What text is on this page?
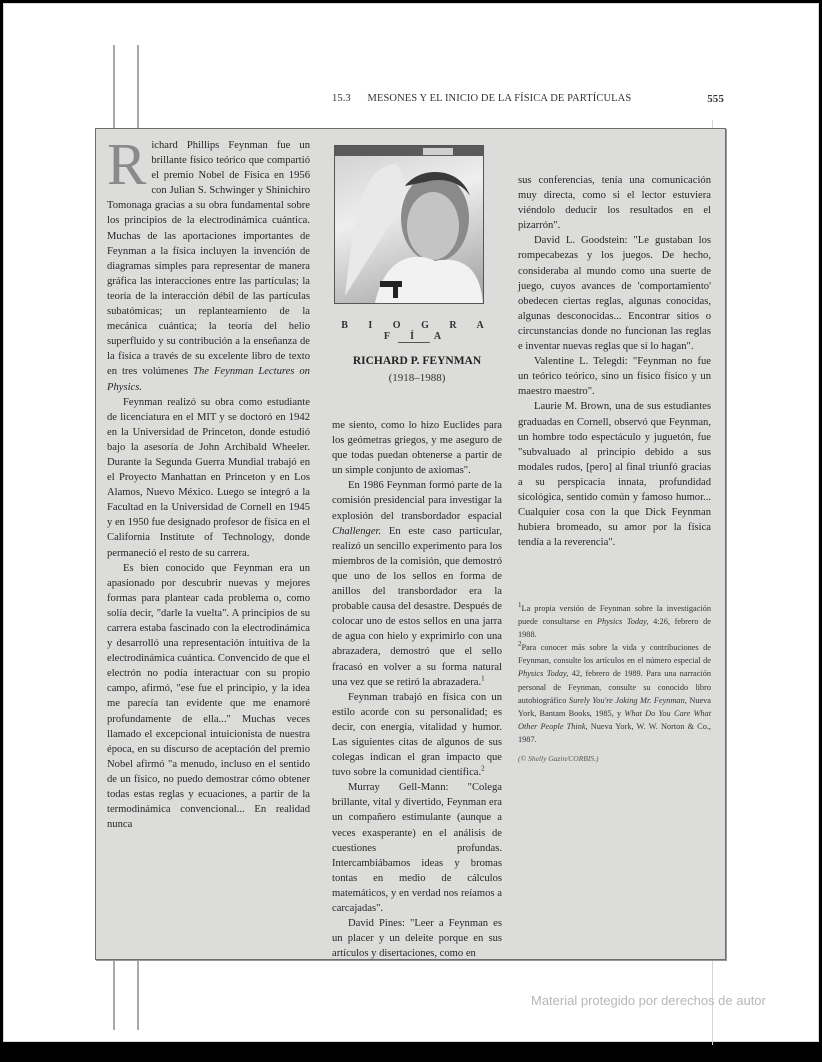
15.3 MESONES Y EL INICIO DE LA FÍSICA DE PARTÍCULAS	555

Richard Phillips Feynman fue un brillante físico teórico que compartió el premio Nobel de Física en 1956 con Julian S. Schwinger y Shinichiro Tomonaga gracias a su obra fundamental sobre los principios de la electrodinámica cuántica. Muchas de las aportaciones importantes de Feynman a la física incluyen la invención de diagramas simples para representar de manera gráfica las interacciones entre las partículas; la teoría de la interacción débil de las partículas subatómicas; un replanteamiento de la mecánica cuántica; la teoría del helio superfluido y su contribución a la enseñanza de la física a través de su excelente libro de texto en tres volúmenes The Feynman Lectures on Physics.

Feynman realizó su obra como estudiante de licenciatura en el MIT y se doctoró en 1942 en la Universidad de Princeton, donde estudió bajo la asesoría de John Archibald Wheeler. Durante la Segunda Guerra Mundial trabajó en el Proyecto Manhattan en Princeton y en Los Alamos, Nuevo México. Luego se integró a la Facultad en la Universidad de Cornell en 1945 y en 1950 fue designado profesor de física en el California Institute of Technology, donde permaneció el resto de su carrera.

Es bien conocido que Feynman era un apasionado por descubrir nuevas y mejores formas para plantear cada problema o, como solía decir, "darle la vuelta". A principios de su carrera estaba fascinado con la electrodinámica y desarrolló una representación intuitiva de la electrodinámica cuántica. Convencido de que el electrón no podía interactuar con su propio campo, afirmó, "ese fue el principio, y la idea me parecía tan evidente que me enamoré profundamente de ella..." Muchas veces llamado el excepcional intuicionista de nuestra época, en su discurso de aceptación del premio Nobel afirmó "a menudo, incluso en el sentido de un físico, no puedo demostrar cómo obtener todas estas reglas y ecuaciones, a partir de la termodinámica convencional... En realidad nunca

B I O G R A F Í A
RICHARD P. FEYNMAN
(1918–1988)

me siento, como lo hizo Euclides para los geómetras griegos, y me aseguro de que todas puedan obtenerse a partir de un simple conjunto de axiomas".

En 1986 Feynman formó parte de la comisión presidencial para investigar la explosión del transbordador espacial Challenger. En este caso particular, realizó un sencillo experimento para los miembros de la comisión, que demostró que uno de los sellos en forma de anillos del transbordador era la probable causa del desastre. Después de colocar uno de estos sellos en una jarra de agua con hielo y exprimirlo con una abrazadera, demostró que el sello fracasó en volver a su forma natural una vez que se retiró la abrazadera.$^1$

Feynman trabajó en física con un estilo acorde con su personalidad; es decir, con energía, vitalidad y humor. Las siguientes citas de algunos de sus colegas indican el gran impacto que tuvo sobre la comunidad científica.$^2$

Murray Gell-Mann: "Colega brillante, vital y divertido, Feynman era un compañero estimulante (aunque a veces exasperante) en el análisis de cuestiones profundas. Intercambiábamos ideas y bromas tontas en medio de cálculos matemáticos, y en verdad nos reíamos a carcajadas".

David Pines: "Leer a Feynman es un placer y un deleite porque en sus artículos y disertaciones, como en

sus conferencias, tenía una comunicación muy directa, como si el lector estuviera viéndolo deducir los resultados en el pizarrón".

David L. Goodstein: "Le gustaban los rompecabezas y los juegos. De hecho, consideraba al mundo como una suerte de juego, cuyos avances de 'comportamiento' obedecen ciertas reglas, algunas conocidas, algunas desconocidas... Encontrar sitios o circunstancias donde no funcionan las reglas e inventar nuevas reglas que sí lo hagan".

Valentine L. Telegdi: "Feynman no fue un teórico teórico, sino un físico físico y un maestro maestro".

Laurie M. Brown, una de sus estudiantes graduadas en Cornell, observó que Feynman, un hombre todo espectáculo y juguetón, fue "subvaluado al principio debido a sus modales rudos, [pero] al final triunfó gracias a su perspicacia innata, profundidad sicológica, sentido común y famoso humor... Cualquier cosa con la que Dick Feynman hubiera bromeado, su amor por la física tendía a la reverencia".

$^1$La propia versión de Feynman sobre la investigación puede consultarse en Physics Today, 4:26, febrero de 1988.

$^2$Para conocer más sobre la vida y contribuciones de Feynman, consulte los artículos en el número especial de Physics Today, 42, febrero de 1989. Para una narración personal de Feynman, consulte su conocido libro autobiográfico Surely You're Joking Mr. Feynman, Nueva York, Bantam Books, 1985, y What Do You Care What Other People Think, Nueva York, W. W. Norton & Co., 1987.

(© Shelly Gazin/CORBIS.)

Material protegido por derechos de autor
